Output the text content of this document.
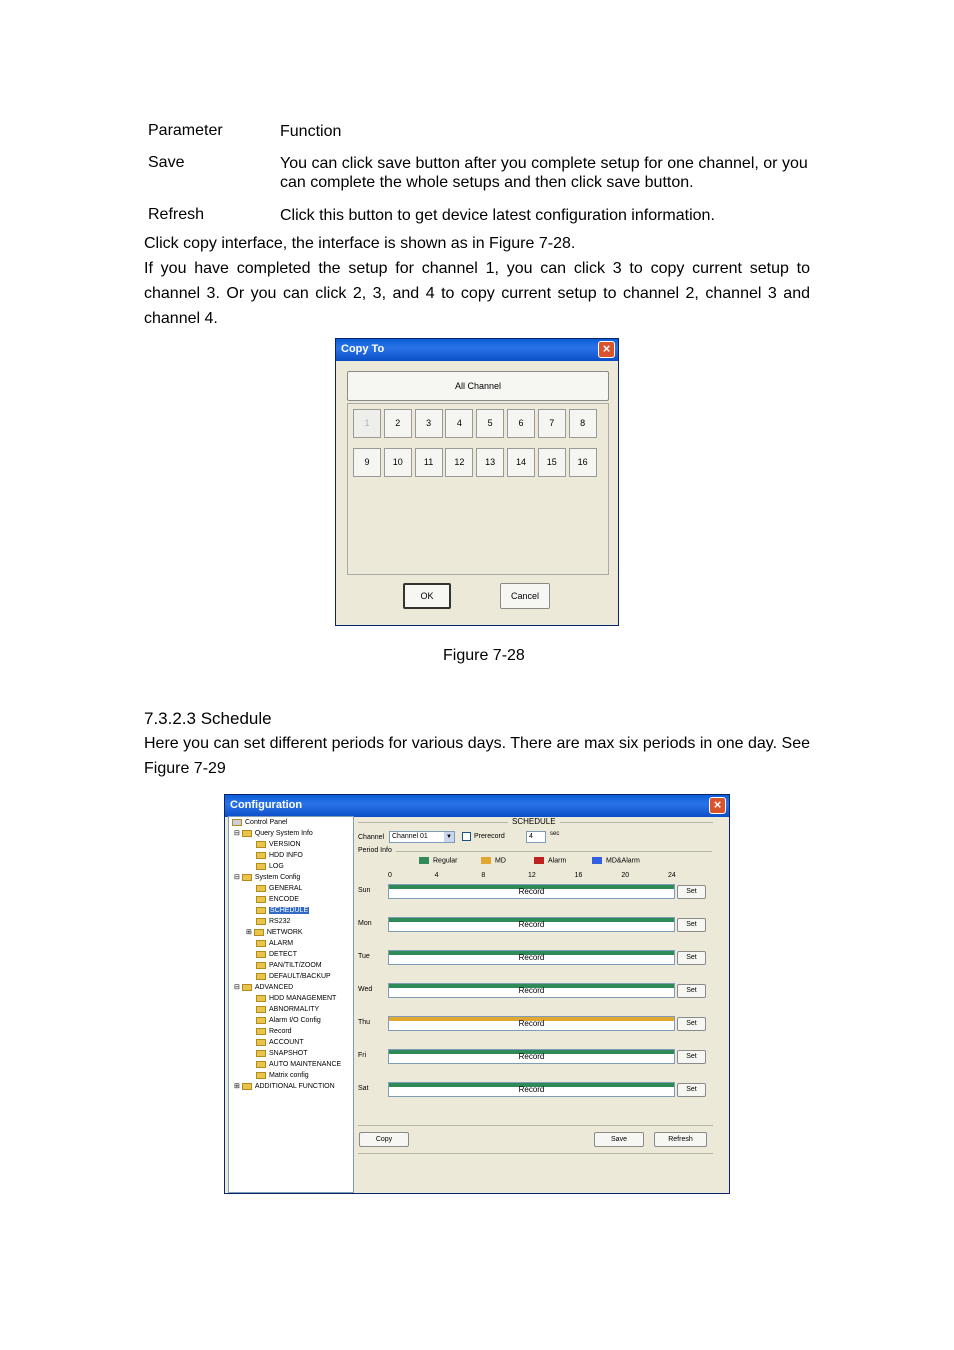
Parameter	Function
Save	You can click save button after you complete setup for one channel, or you can complete the whole setups and then click save button.
Refresh	Click this button to get device latest configuration information.
Click copy interface, the interface is shown as in Figure 7-28.
If you have completed the setup for channel 1, you can click 3 to copy current setup to channel 3. Or you can click 2, 3, and 4 to copy current setup to channel 2, channel 3 and channel 4.
Copy To	×
All Channel
OK	Cancel
1	2	3	4	5	6	7	8
9	10	11	12	13	14	15	16
Figure 7-28
7.3.2.3 Schedule
Here you can set different periods for various days. There are max six periods in one day. See Figure 7-29
Configuration	×
Control Panel
⊟ Query System Info
VERSION
HDD INFO
LOG
⊟ System Config
GENERAL
ENCODE
SCHEDULE
RS232
⊞ NETWORK
ALARM
DETECT
PAN/TILT/ZOOM
DEFAULT/BACKUP
⊟ ADVANCED
HDD MANAGEMENT
ABNORMALITY
Alarm I/O Config
Record
ACCOUNT
SNAPSHOT
AUTO MAINTENANCE
Matrix config
⊞ ADDITIONAL FUNCTION
SCHEDULE
Channel	Channel 01	▼	Prerecord	4	sec
Period Info
Regular	MD	Alarm	MD&Alarm
Copy	Save	Refresh
0	4	8	12	16	20	24
Sun	Record	Set
Mon	Record	Set
Tue	Record	Set
Wed	Record	Set
Thu	Record	Set
Fri	Record	Set
Sat	Record	Set
